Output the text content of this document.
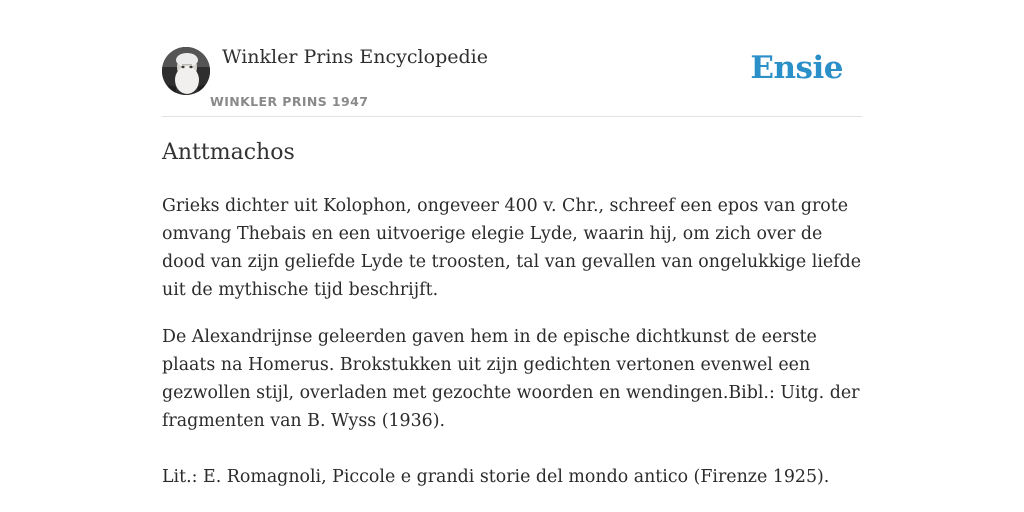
Winkler Prins Encyclopedie
WINKLER PRINS 1947
Ensie
Anttmachos

Grieks dichter uit Kolophon, ongeveer 400 v. Chr., schreef een epos van grote omvang Thebais en een uitvoerige elegie Lyde, waarin hij, om zich over de dood van zijn geliefde Lyde te troosten, tal van gevallen van ongelukkige liefde uit de mythische tijd beschrijft.

De Alexandrijnse geleerden gaven hem in de epische dichtkunst de eerste plaats na Homerus. Brokstukken uit zijn gedichten vertonen evenwel een gezwollen stijl, overladen met gezochte woorden en wendingen.Bibl.: Uitg. der fragmenten van B. Wyss (1936).

Lit.: E. Romagnoli, Piccole e grandi storie del mondo antico (Firenze 1925).
